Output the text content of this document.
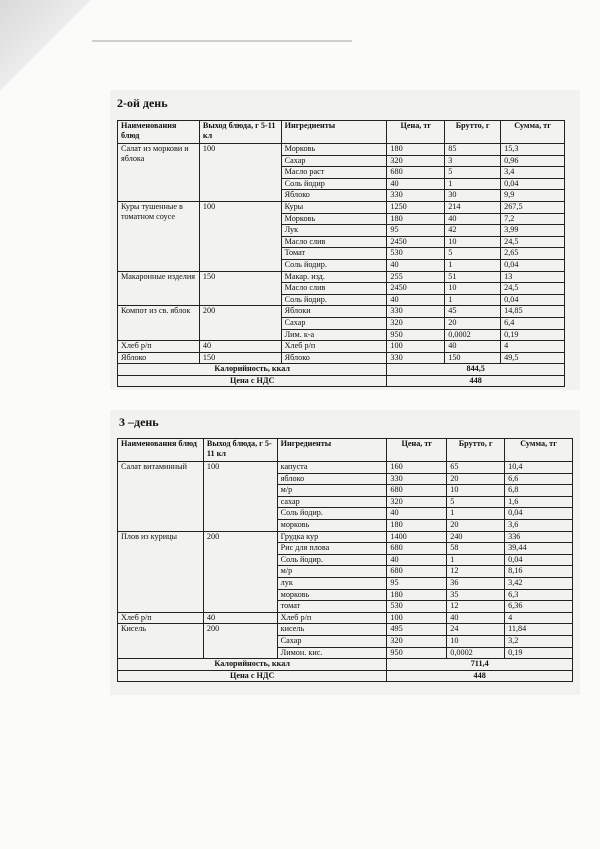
2-ой день
Наименования блюд	Выход блюда, г 5-11 кл	Ингредиенты	Цена, тг	Брутто, г	Сумма, тг
Салат из моркови и яблока	100	Морковь	180	85	15,3
		Сахар	320	3	0,96
		Масло раст	680	5	3,4
		Соль йодир	40	1	0,04
		Яблоко	330	30	9,9
Куры тушенные в томатном соусе	100	Куры	1250	214	267,5
		Морковь	180	40	7,2
		Лук	95	42	3,99
		Масло слив	2450	10	24,5
		Томат	530	5	2,65
		Соль йодир.	40	1	0,04
Макаронные изделия	150	Макар. изд.	255	51	13
		Масло слив	2450	10	24,5
		Соль йодир.	40	1	0,04
Компот из св. яблок	200	Яблоки	330	45	14,85
		Сахар	320	20	6,4
		Лим. к-а	950	0,0002	0,19
Хлеб р/п	40	Хлеб р/п	100	40	4
Яблоко	150	Яблоко	330	150	49,5
Калорийность, ккал			844,5		
Цена с НДС			448		
3 –день
Наименования блюд	Выход блюда, г 5-11 кл	Ингредиенты	Цена, тг	Брутто, г	Сумма, тг
Салат витаминный	100	капуста	160	65	10,4
		яблоко	330	20	6,6
		м/р	680	10	6,8
		сахар	320	5	1,6
		Соль йодир.	40	1	0,04
		морковь	180	20	3,6
Плов из курицы	200	Грудка кур	1400	240	336
		Рис для плова	680	58	39,44
		Соль йодир.	40	1	0,04
		м/р	680	12	8,16
		лук	95	36	3,42
		морковь	180	35	6,3
		томат	530	12	6,36
Хлеб р/п	40	Хлеб р/п	100	40	4
Кисель	200	кисель	495	24	11,84
		Сахар	320	10	3,2
		Лимон. кис.	950	0,0002	0,19
Калорийность, ккал			711,4		
Цена с НДС			448		
